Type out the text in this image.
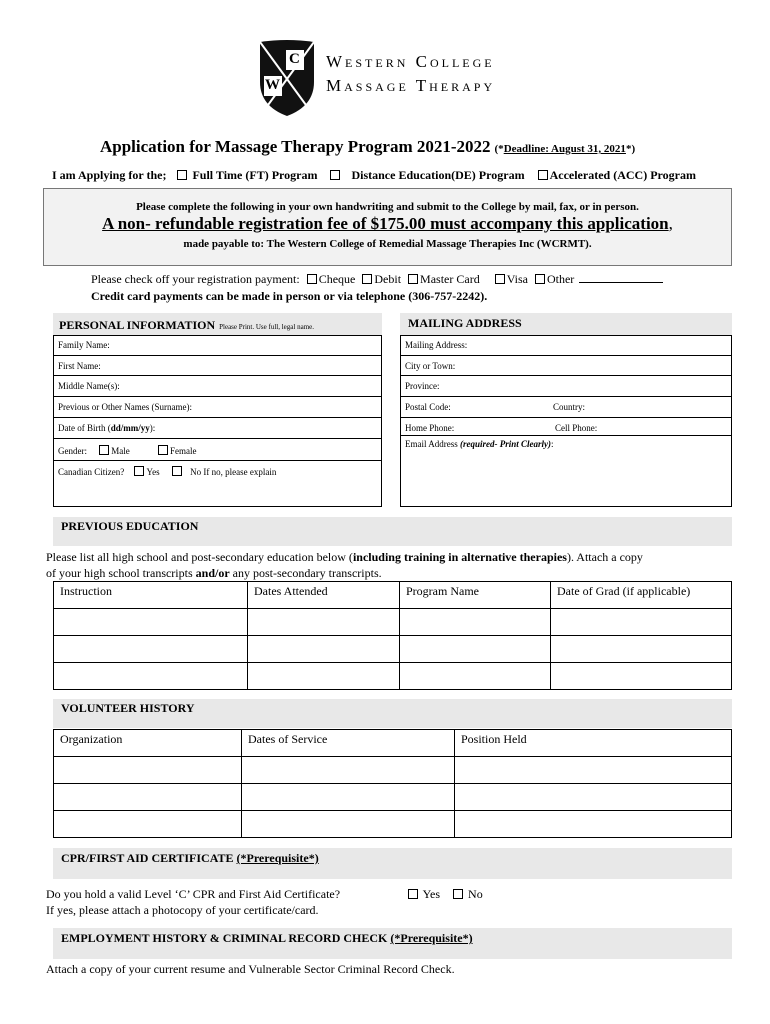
C
W
Western College
Massage Therapy
Application for Massage Therapy Program 2021-2022 (*Deadline: August 31, 2021*)
I am Applying for the; Full Time (FT) Program	Distance Education(DE) Program Accelerated (ACC) Program
Please complete the following in your own handwriting and submit to the College by mail, fax, or in person.
A non- refundable registration fee of $175.00 must accompany this application,
made payable to: The Western College of Remedial Massage Therapies Inc (WCRMT).
Please check off your registration payment: Cheque Debit Master Card Visa Other
Credit card payments can be made in person or via telephone (306-757-2242).
PERSONAL INFORMATION Please Print. Use full, legal name.	MAILING ADDRESS
Family Name:
First Name:
Middle Name(s):
Previous or Other Names (Surname):
Date of Birth (dd/mm/yy):
Gender:	Male	Female
Canadian Citizen? Yes	No If no, please explain
Mailing Address:
City or Town:
Province:
Postal Code:	Country:
Home Phone:	Cell Phone:
Email Address (required- Print Clearly):
PREVIOUS EDUCATION
Please list all high school and post-secondary education below (including training in alternative therapies). Attach a copy
of your high school transcripts and/or any post-secondary transcripts.
Instruction	Dates Attended	Program Name	Date of Grad (if applicable)

VOLUNTEER HISTORY
Organization	Dates of Service	Position Held

CPR/FIRST AID CERTIFICATE (*Prerequisite*)
Do you hold a valid Level ‘C’ CPR and First Aid Certificate?	Yes No
If yes, please attach a photocopy of your certificate/card.
EMPLOYMENT HISTORY & CRIMINAL RECORD CHECK (*Prerequisite*)
Attach a copy of your current resume and Vulnerable Sector Criminal Record Check.
